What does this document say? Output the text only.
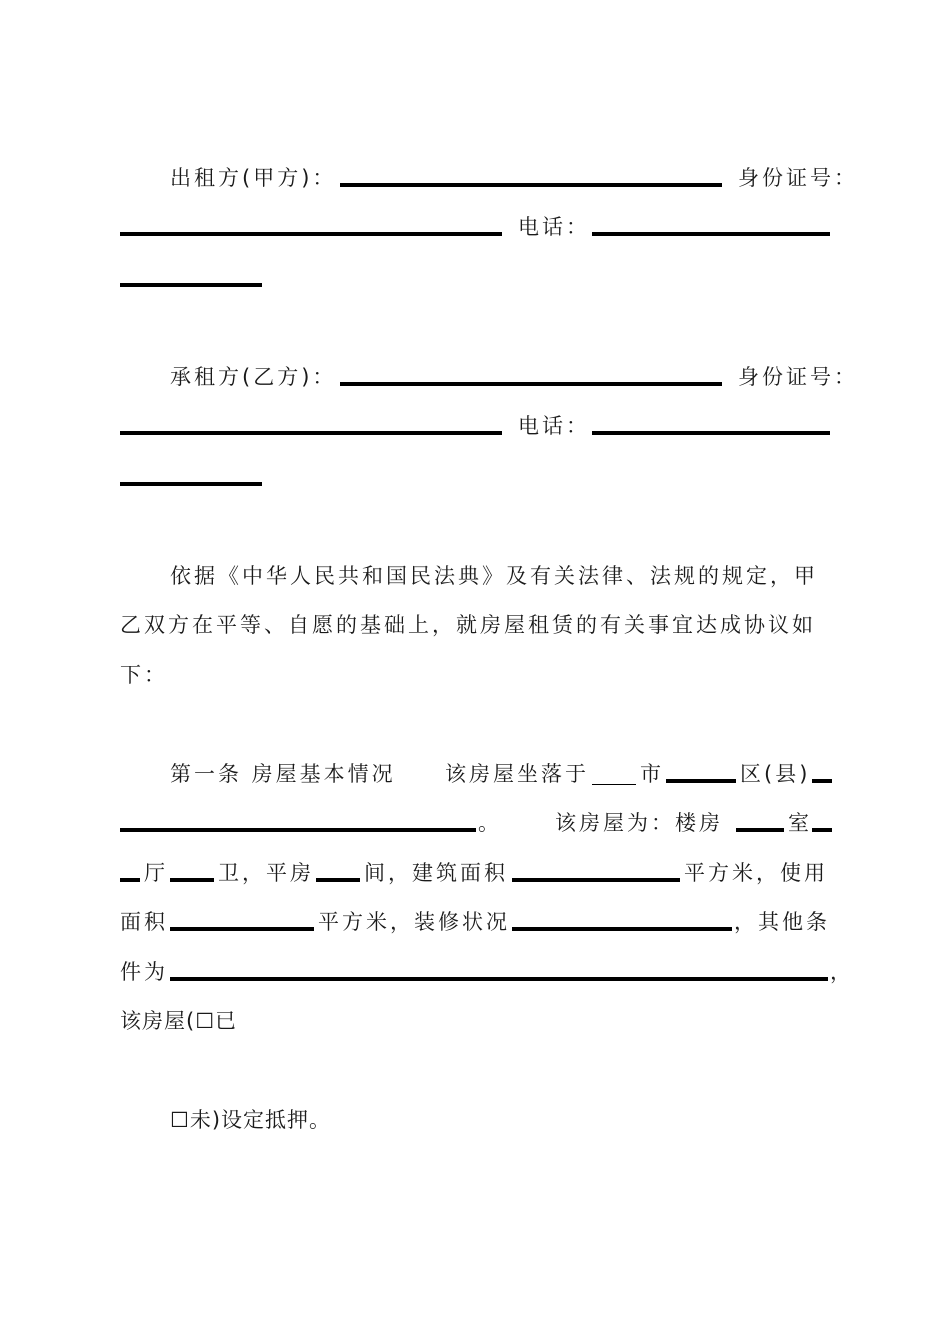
出租方(甲方)：	身份证号：
电话：
承租方(乙方)：	身份证号：
电话：
依据《中华人民共和国民法典》及有关法律、法规的规定，甲
乙双方在平等、自愿的基础上，就房屋租赁的有关事宜达成协议如
下：
第一条 房屋基本情况 该房屋坐落于 市	区(县)
。	该房屋为：楼房	室
厅 卫，平房 间，建筑面积	平方米，使用
面积	平方米，装修状况	，其他条
件为	，
该房屋(☐已
☐未)设定抵押。
